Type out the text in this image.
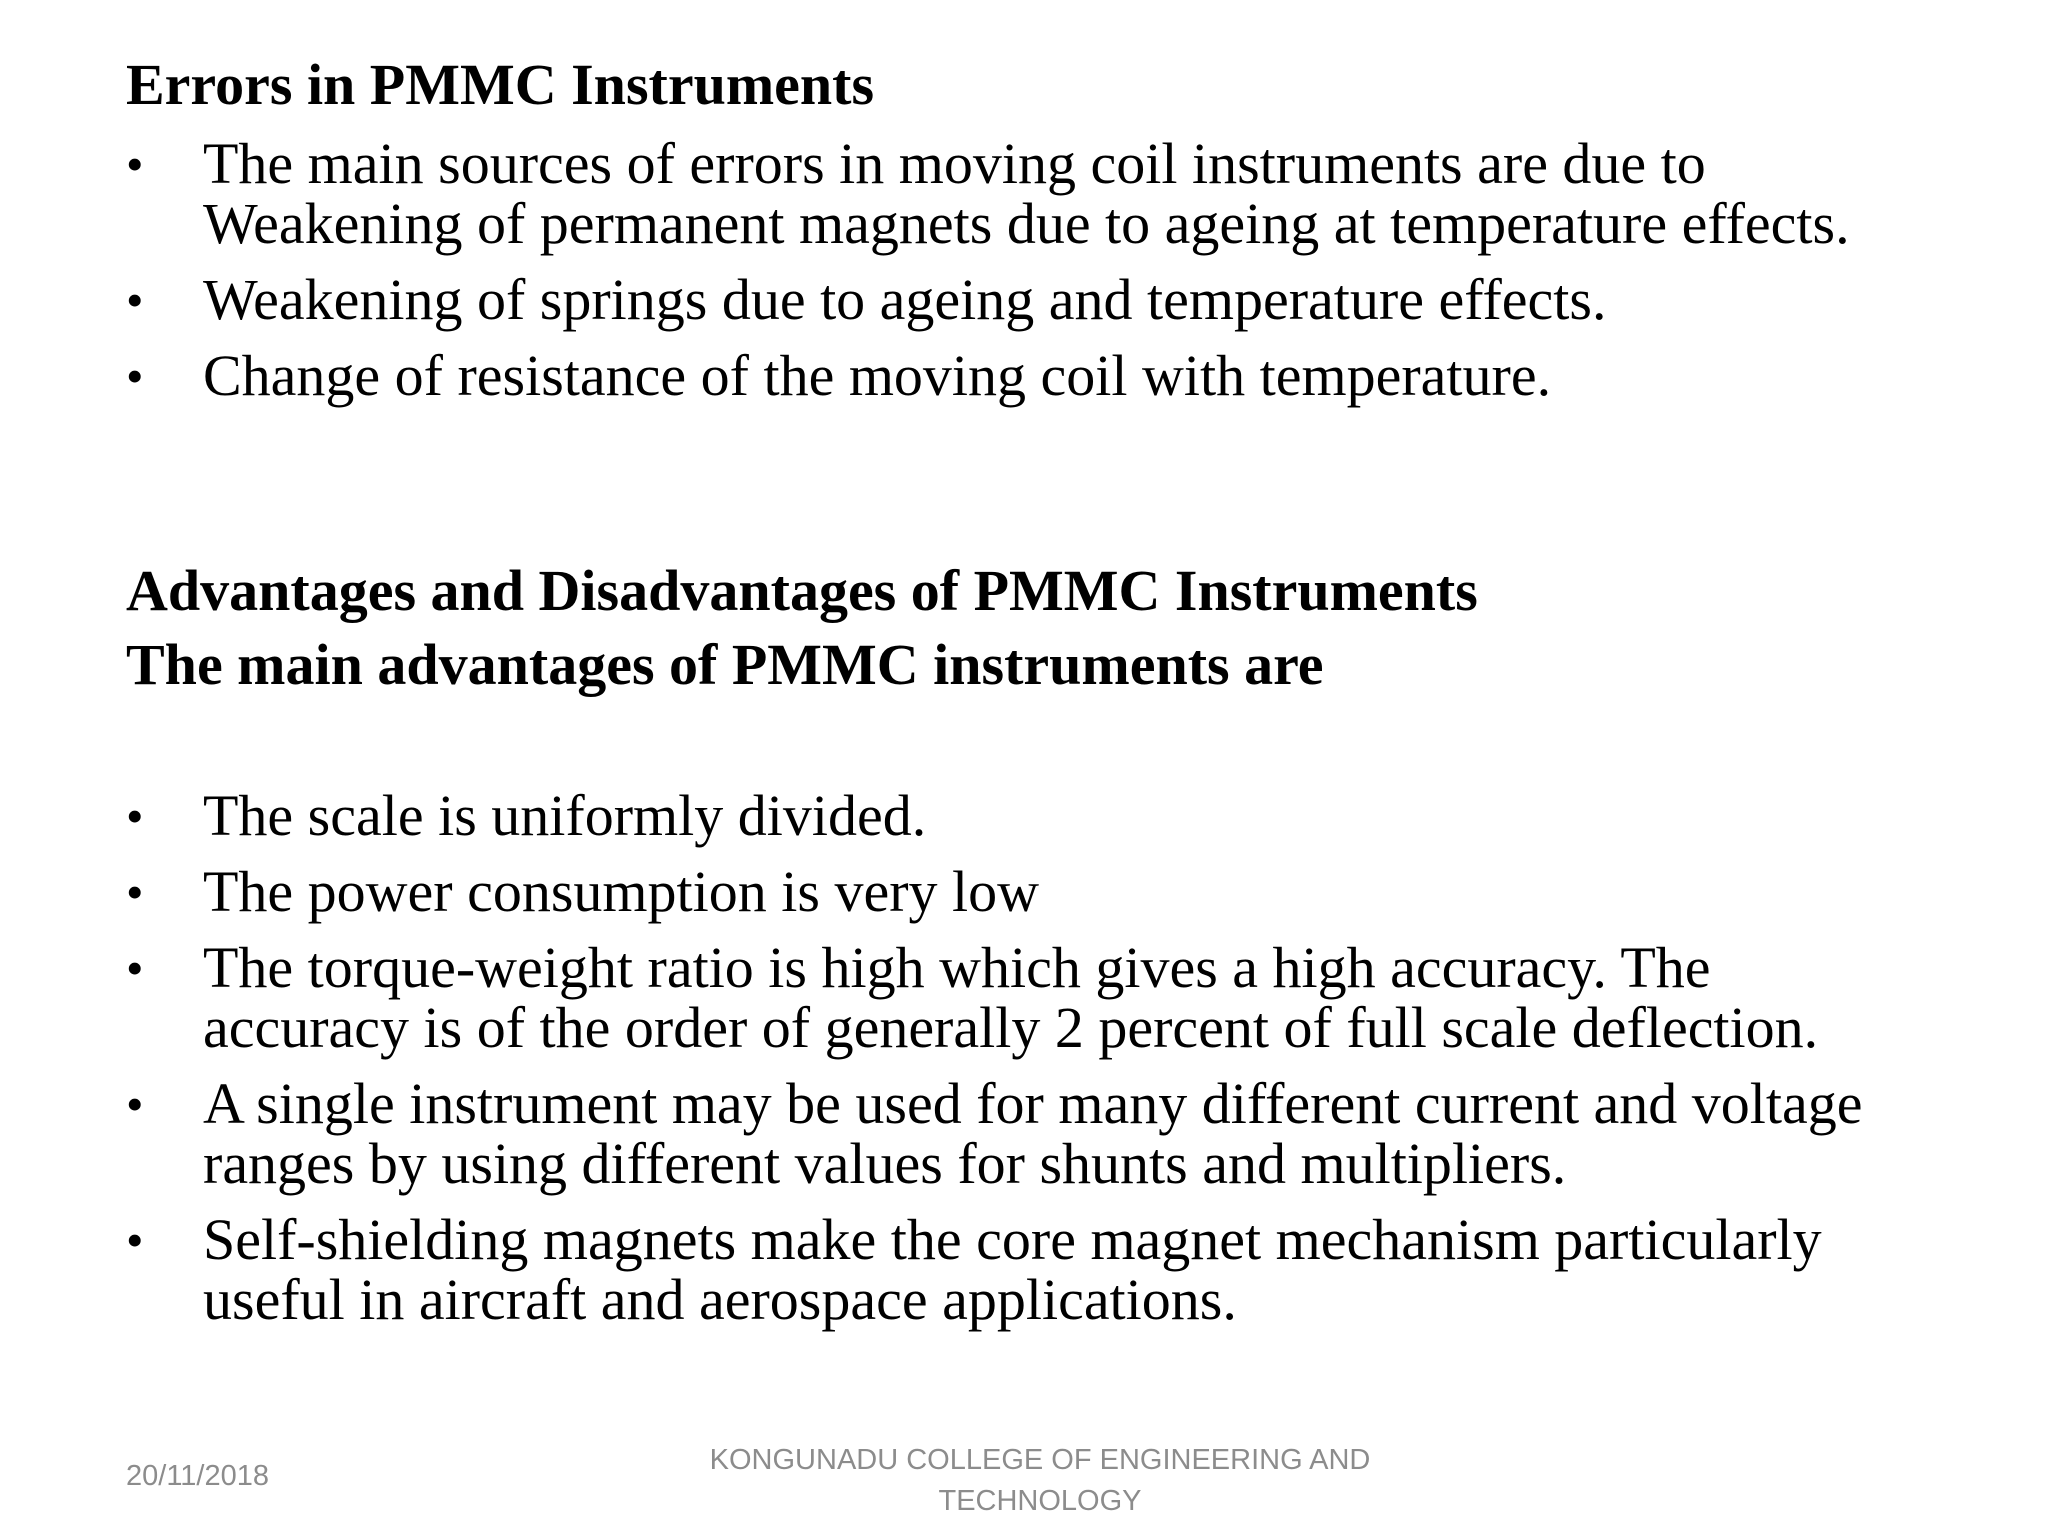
Errors in PMMC Instruments
• The main sources of errors in moving coil instruments are due to Weakening of permanent magnets due to ageing at temperature effects.
• Weakening of springs due to ageing and temperature effects.
• Change of resistance of the moving coil with temperature.
Advantages and Disadvantages of PMMC Instruments
The main advantages of PMMC instruments are
• The scale is uniformly divided.
• The power consumption is very low
• The torque-weight ratio is high which gives a high accuracy. The accuracy is of the order of generally 2 percent of full scale deflection.
• A single instrument may be used for many different current and voltage ranges by using different values for shunts and multipliers.
• Self-shielding magnets make the core magnet mechanism particularly useful in aircraft and aerospace applications.
20/11/2018	KONGUNADU COLLEGE OF ENGINEERING AND TECHNOLOGY
